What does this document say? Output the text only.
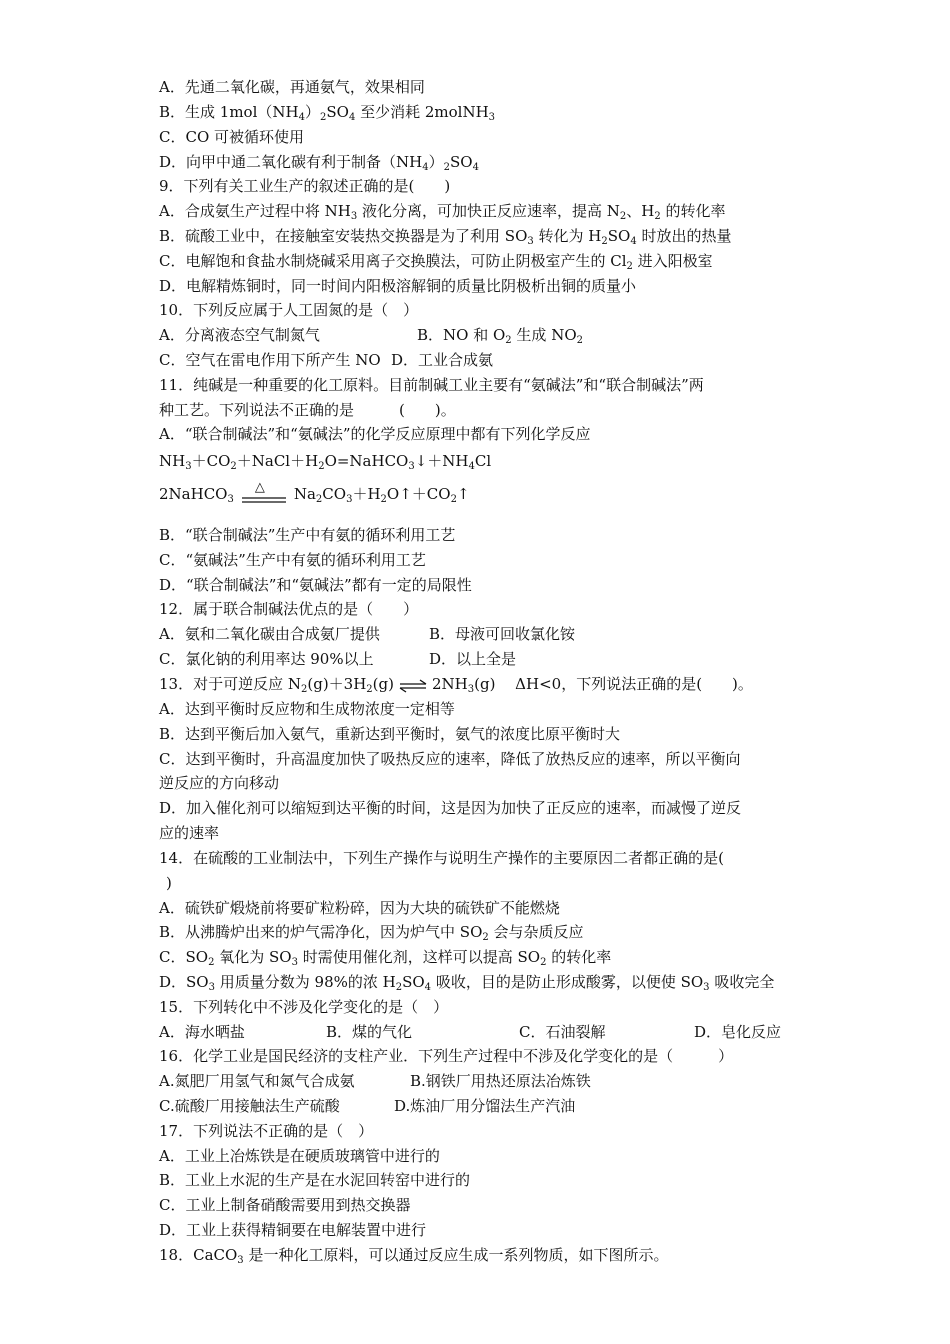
A．先通二氧化碳，再通氨气，效果相同
B．生成 $1mol(NH_4)_2SO_4$ 至少消耗 2molNH$_3$
C．CO 可被循环使用
D．向甲中通二氧化碳有利于制备$(NH_4)_2SO_4$
9．下列有关工业生产的叙述正确的是(　　)
A．合成氨生产过程中将 $NH_3$ 液化分离，可加快正反应速率，提高 $N_2$、$H_2$ 的转化率
B．硫酸工业中，在接触室安装热交换器是为了利用 $SO_3$ 转化为 $H_2SO_4$ 时放出的热量
C．电解饱和食盐水制烧碱采用离子交换膜法，可防止阴极室产生的 $Cl_2$ 进入阳极室
D．电解精炼铜时，同一时间内阳极溶解铜的质量比阴极析出铜的质量小
10．下列反应属于人工固氮的是（　）
A．分离液态空气制氮气	B．NO 和 $O_2$ 生成 $NO_2$
C．空气在雷电作用下所产生 NO D．工业合成氨
11．纯碱是一种重要的化工原料。目前制碱工业主要有“氨碱法”和“联合制碱法”两
种工艺。下列说法不正确的是　　　(　　)。
A．“联合制碱法”和“氨碱法”的化学反应原理中都有下列化学反应
$NH_3+CO_2+NaCl+H_2O=NaHCO_3↓+NH_4Cl$
2NaHCO$_3$
△ $Na_2CO_3+H_2O↑+CO_2↑$
B．“联合制碱法”生产中有氨的循环利用工艺
C．“氨碱法”生产中有氨的循环利用工艺
D．“联合制碱法”和“氨碱法”都有一定的局限性
12．属于联合制碱法优点的是（　　）
A．氨和二氧化碳由合成氨厂提供	B．母液可回收氯化铵
C．氯化钠的利用率达 90%以上	D．以上全是
13．对于可逆反应 $N_2(g)+3H_2(g)$ ⇌ $2NH_3(g)$　 ΔH<0，下列说法正确的是(　　)。
A．达到平衡时反应物和生成物浓度一定相等
B．达到平衡后加入氨气，重新达到平衡时，氨气的浓度比原平衡时大
C．达到平衡时，升高温度加快了吸热反应的速率，降低了放热反应的速率，所以平衡向
逆反应的方向移动
D．加入催化剂可以缩短到达平衡的时间，这是因为加快了正反应的速率，而减慢了逆反
应的速率
14．在硫酸的工业制法中，下列生产操作与说明生产操作的主要原因二者都正确的是(
)
A．硫铁矿煅烧前将要矿粒粉碎，因为大块的硫铁矿不能燃烧
B．从沸腾炉出来的炉气需净化，因为炉气中 $SO_2$ 会与杂质反应
C．$SO_2$ 氧化为 $SO_3$ 时需使用催化剂，这样可以提高 $SO_2$ 的转化率
D．$SO_3$ 用质量分数为 98%的浓 $H_2SO_4$ 吸收，目的是防止形成酸雾，以便使 $SO_3$ 吸收完全
15．下列转化中不涉及化学变化的是（　）
A．海水晒盐	B．煤的气化	C．石油裂解	D．皂化反应
16．化学工业是国民经济的支柱产业．下列生产过程中不涉及化学变化的是（　　　）
A.氮肥厂用氢气和氮气合成氨	B.钢铁厂用热还原法冶炼铁
C.硫酸厂用接触法生产硫酸	D.炼油厂用分馏法生产汽油
17．下列说法不正确的是（　）
A．工业上冶炼铁是在硬质玻璃管中进行的
B．工业上水泥的生产是在水泥回转窑中进行的
C．工业上制备硝酸需要用到热交换器
D．工业上获得精铜要在电解装置中进行
18．CaCO$_3$ 是一种化工原料，可以通过反应生成一系列物质，如下图所示。
